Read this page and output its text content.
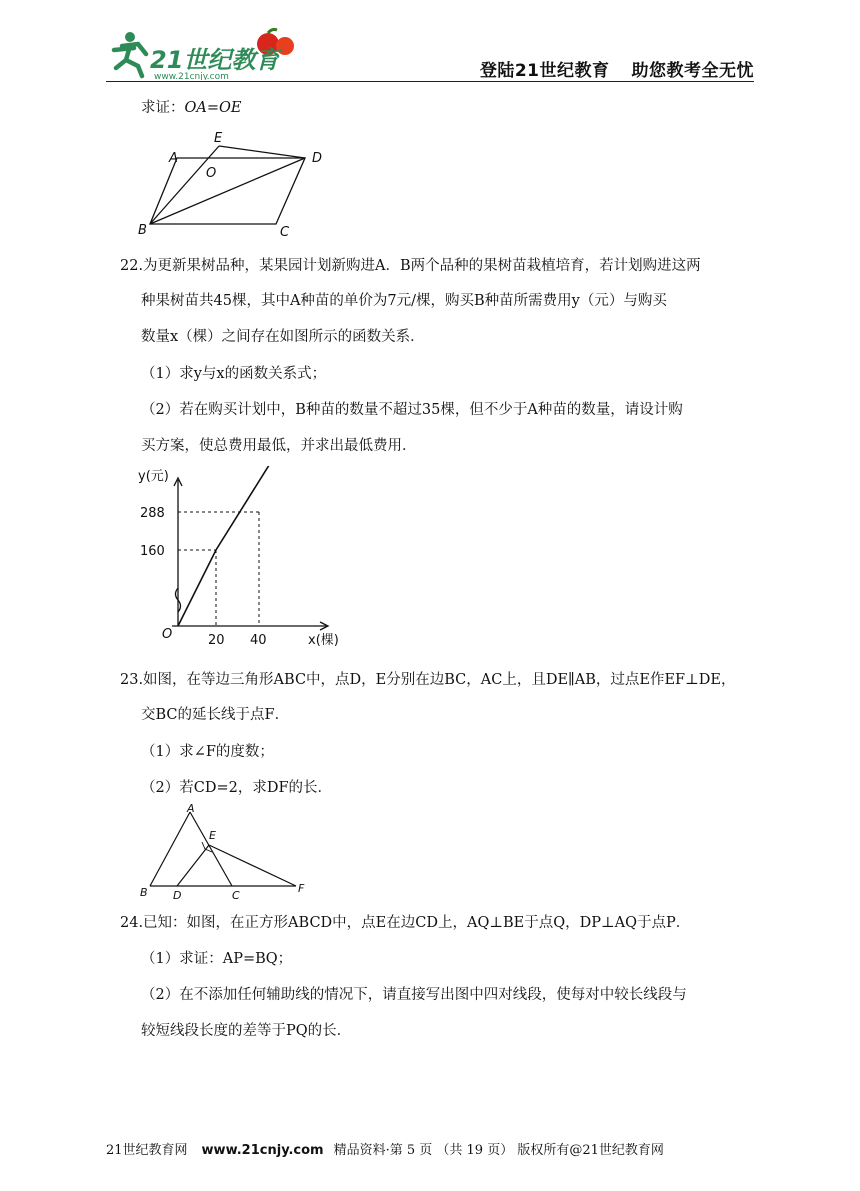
21世纪教育
www.21cnjy.com	登陆21世纪教育 助您教考全无忧
求证：OA=OE
A
B	C
D
E
O
22.为更新果树品种，某果园计划新购进A．B两个品种的果树苗栽植培育，若计划购进这两
种果树苗共45棵，其中A种苗的单价为7元/棵，购买B种苗所需费用y（元）与购买
数量x（棵）之间存在如图所示的函数关系．
（1）求y与x的函数关系式；
（2）若在购买计划中，B种苗的数量不超过35棵，但不少于A种苗的数量，请设计购
买方案，使总费用最低，并求出最低费用．
y(元)
288
160
O	20 40	x(棵)
23.如图，在等边三角形ABC中，点D，E分别在边BC，AC上，且DE∥AB，过点E作EF⊥DE，
交BC的延长线于点F．
（1）求∠F的度数；
（2）若CD=2，求DF的长．
A
B	C
D
E
F
24.已知：如图，在正方形ABCD中，点E在边CD上，AQ⊥BE于点Q，DP⊥AQ于点P．
（1）求证：AP=BQ；
（2）在不添加任何辅助线的情况下，请直接写出图中四对线段，使每对中较长线段与
较短线段长度的差等于PQ的长．
21世纪教育网 www.21cnjy.com 精品资料·第 5 页 （共 19 页） 版权所有@21世纪教育网
